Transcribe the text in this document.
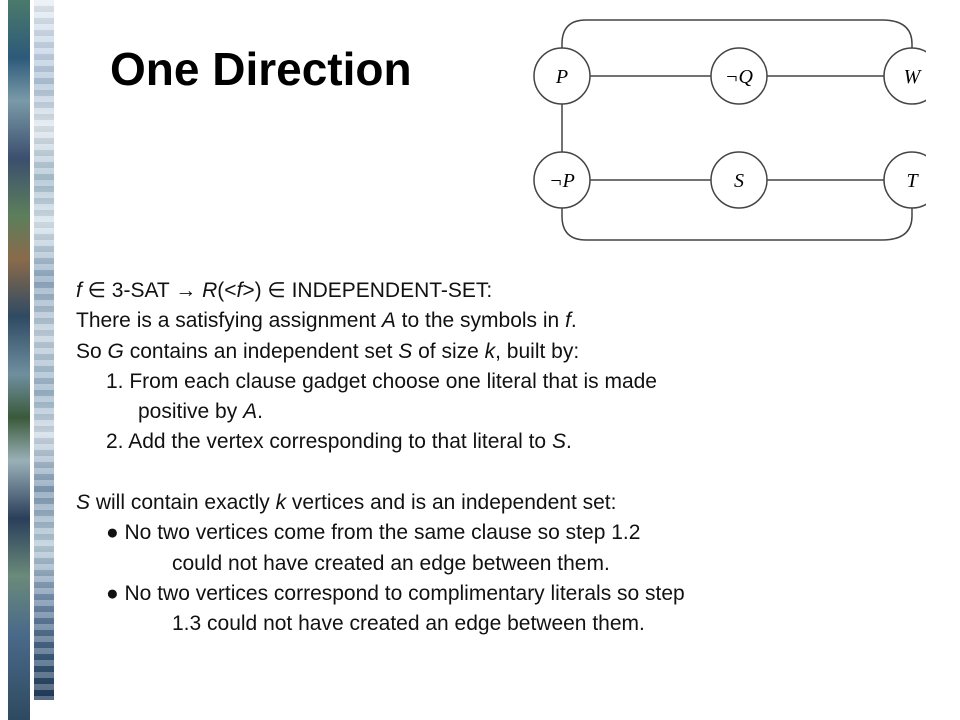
One Direction	P	¬Q	W
¬P	S	T
f ∈ 3-SAT → R(<f>) ∈ INDEPENDENT-SET:
There is a satisfying assignment A to the symbols in f.
So G contains an independent set S of size k, built by:
1. From each clause gadget choose one literal that is made
positive by A.
2. Add the vertex corresponding to that literal to S.
S will contain exactly k vertices and is an independent set:
● No two vertices come from the same clause so step 1.2
could not have created an edge between them.
● No two vertices correspond to complimentary literals so step
1.3 could not have created an edge between them.
